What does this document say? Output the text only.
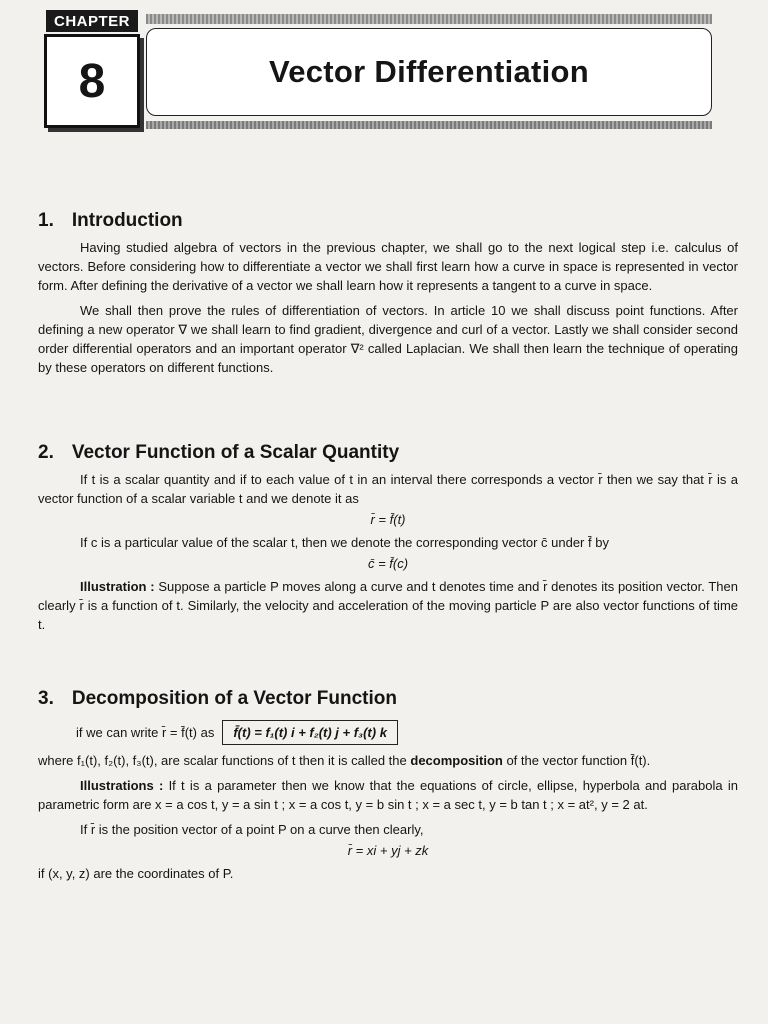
CHAPTER
8	Vector Differentiation
1. Introduction

Having studied algebra of vectors in the previous chapter, we shall go to the next logical step i.e. calculus of vectors. Before considering how to differentiate a vector we shall first learn how a curve in space is represented in vector form. After defining the derivative of a vector we shall learn how it represents a tangent to a curve in space.

We shall then prove the rules of differentiation of vectors. In article 10 we shall discuss point functions. After defining a new operator ∇ we shall learn to find gradient, divergence and curl of a vector. Lastly we shall consider second order differential operators and an important operator ∇² called Laplacian. We shall then learn the technique of operating by these operators on different functions.

2. Vector Function of a Scalar Quantity

If t is a scalar quantity and if to each value of t in an interval there corresponds a vector r̄ then we say that r̄ is a vector function of a scalar variable t and we denote it as

r̄ = f̄(t)

If c is a particular value of the scalar t, then we denote the corresponding vector c̄ under f̄ by

c̄ = f̄(c)

Illustration : Suppose a particle P moves along a curve and t denotes time and r̄ denotes its position vector. Then clearly r̄ is a function of t. Similarly, the velocity and acceleration of the moving particle P are also vector functions of time t.

3. Decomposition of a Vector Function
if we can write r̄ = f̄(t) as	f̄(t) = f₁(t) i + f₂(t) j + f₃(t) k

where f₁(t), f₂(t), f₃(t), are scalar functions of t then it is called the decomposition of the vector function f̄(t).

Illustrations : If t is a parameter then we know that the equations of circle, ellipse, hyperbola and parabola in parametric form are x = a cos t, y = a sin t ; x = a cos t, y = b sin t ; x = a sec t, y = b tan t ; x = at², y = 2 at.

If r̄ is the position vector of a point P on a curve then clearly,

r̄ = xi + yj + zk

if (x, y, z) are the coordinates of P.
